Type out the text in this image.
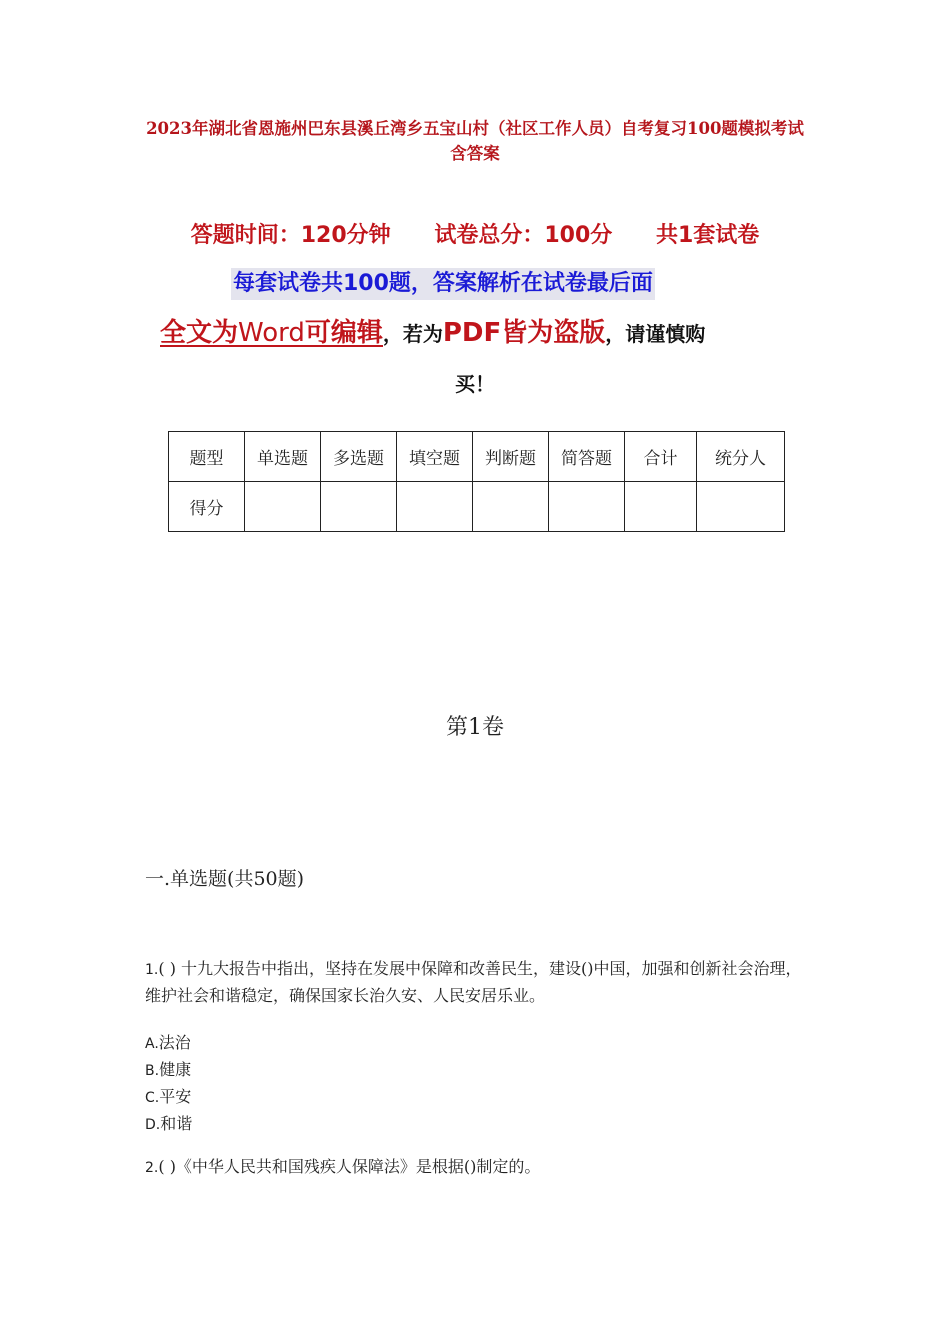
2023年湖北省恩施州巴东县溪丘湾乡五宝山村（社区工作人员）自考复习100题模拟考试含答案
答题时间：120分钟 试卷总分：100分 共1套试卷
每套试卷共100题，答案解析在试卷最后面
全文为Word可编辑，若为PDF皆为盗版，请谨慎购
买！
题型	单选题	多选题	填空题	判断题	简答题	合计	统分人
得分							
第1卷
一.单选题(共50题)
1.( ) 十九大报告中指出，坚持在发展中保障和改善民生，建设()中国，加强和创新社会治理，维护社会和谐稳定，确保国家长治久安、人民安居乐业。
A.法治
B.健康
C.平安
D.和谐
2.( )《中华人民共和国残疾人保障法》是根据()制定的。
